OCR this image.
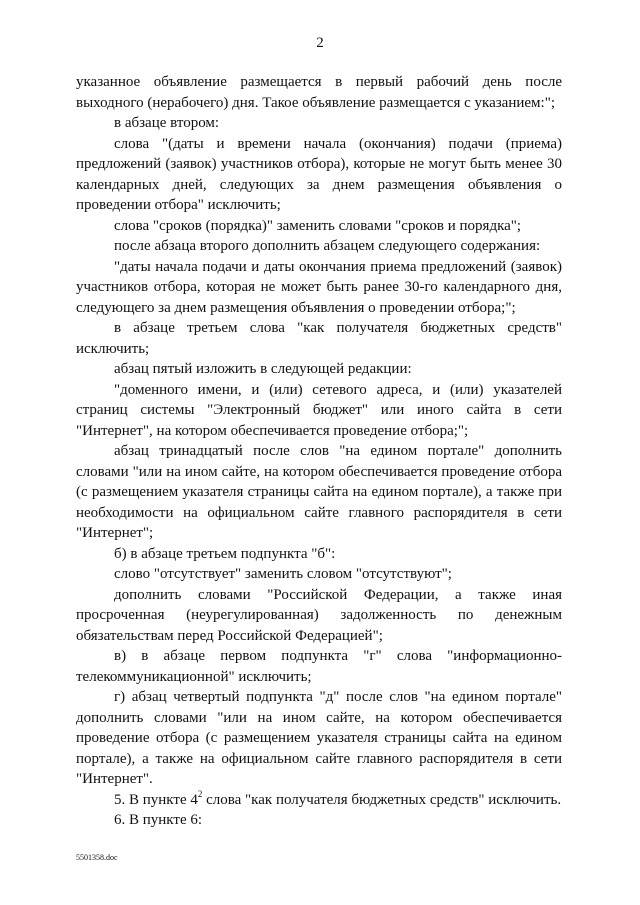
2

указанное объявление размещается в первый рабочий день после выходного (нерабочего) дня. Такое объявление размещается с указанием:";

в абзаце втором:

слова "(даты и времени начала (окончания) подачи (приема) предложений (заявок) участников отбора), которые не могут быть менее 30 календарных дней, следующих за днем размещения объявления о проведении отбора" исключить;

слова "сроков (порядка)" заменить словами "сроков и порядка";

после абзаца второго дополнить абзацем следующего содержания:

"даты начала подачи и даты окончания приема предложений (заявок) участников отбора, которая не может быть ранее 30-го календарного дня, следующего за днем размещения объявления о проведении отбора;";

в абзаце третьем слова "как получателя бюджетных средств" исключить;

абзац пятый изложить в следующей редакции:

"доменного имени, и (или) сетевого адреса, и (или) указателей страниц системы "Электронный бюджет" или иного сайта в сети "Интернет", на котором обеспечивается проведение отбора;";

абзац тринадцатый после слов "на едином портале" дополнить словами "или на ином сайте, на котором обеспечивается проведение отбора (с размещением указателя страницы сайта на едином портале), а также при необходимости на официальном сайте главного распорядителя в сети "Интернет";

б) в абзаце третьем подпункта "б":

слово "отсутствует" заменить словом "отсутствуют";

дополнить словами "Российской Федерации, а также иная просроченная (неурегулированная) задолженность по денежным обязательствам перед Российской Федерацией";

в) в абзаце первом подпункта "г" слова "информационно-телекоммуникационной" исключить;

г) абзац четвертый подпункта "д" после слов "на едином портале" дополнить словами "или на ином сайте, на котором обеспечивается проведение отбора (с размещением указателя страницы сайта на едином портале), а также на официальном сайте главного распорядителя в сети "Интернет".

5. В пункте $4^2$ слова "как получателя бюджетных средств" исключить.

6. В пункте 6:

5501358.doc
